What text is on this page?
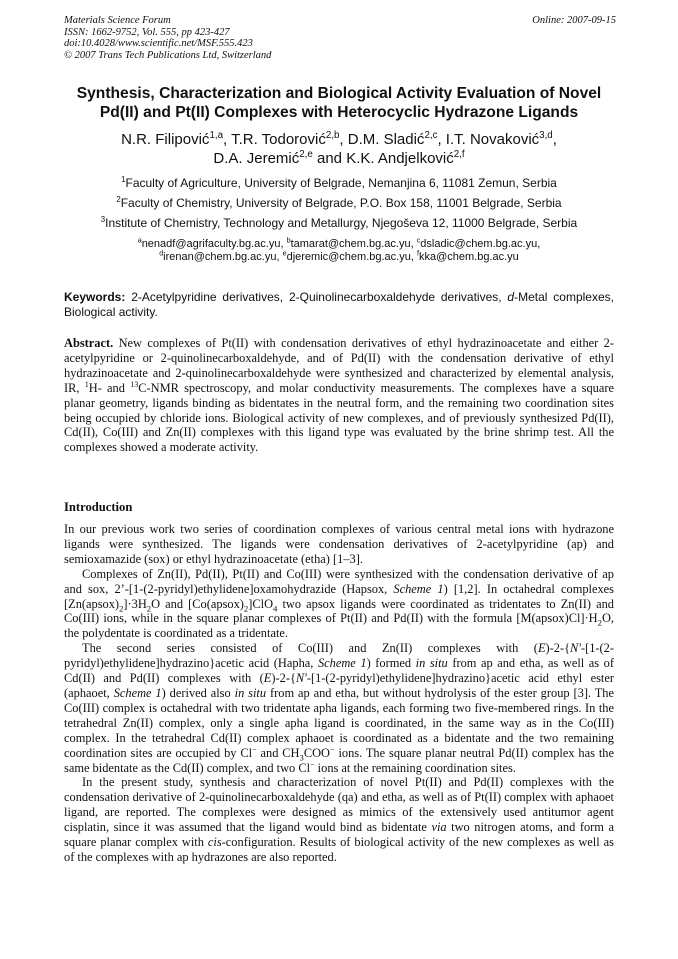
Materials Science Forum
ISSN: 1662-9752, Vol. 555, pp 423-427
doi:10.4028/www.scientific.net/MSF.555.423
© 2007 Trans Tech Publications Ltd, Switzerland
Online: 2007-09-15
Synthesis, Characterization and Biological Activity Evaluation of Novel
Pd(II) and Pt(II) Complexes with Heterocyclic Hydrazone Ligands
N.R. Filipović$^{1,a}$, T.R. Todorović$^{2,b}$, D.M. Sladić$^{2,c}$, I.T. Novaković$^{3,d}$,
D.A. Jeremić$^{2,e}$ and K.K. Andjelković$^{2,f}$
$^1$Faculty of Agriculture, University of Belgrade, Nemanjina 6, 11081 Zemun, Serbia
$^2$Faculty of Chemistry, University of Belgrade, P.O. Box 158, 11001 Belgrade, Serbia
$^3$Institute of Chemistry, Technology and Metallurgy, Njegoševa 12, 11000 Belgrade, Serbia
$^a$nenadf@agrifaculty.bg.ac.yu, $^b$tamarat@chem.bg.ac.yu, $^c$dsladic@chem.bg.ac.yu,
$^d$irenan@chem.bg.ac.yu, $^e$djeremic@chem.bg.ac.yu, $^f$kka@chem.bg.ac.yu
Keywords: 2-Acetylpyridine derivatives, 2-Quinolinecarboxaldehyde derivatives, d-Metal complexes, Biological activity.
Abstract. New complexes of Pt(II) with condensation derivatives of ethyl hydrazinoacetate and either 2-acetylpyridine or 2-quinolinecarboxaldehyde, and of Pd(II) with the condensation derivative of ethyl hydrazinoacetate and 2-quinolinecarboxaldehyde were synthesized and characterized by elemental analysis, IR, $^1$H- and $^{13}$C-NMR spectroscopy, and molar conductivity measurements. The complexes have a square planar geometry, ligands binding as bidentates in the neutral form, and the remaining two coordination sites being occupied by chloride ions. Biological activity of new complexes, and of previously synthesized Pd(II), Cd(II), Co(III) and Zn(II) complexes with this ligand type was evaluated by the brine shrimp test. All the complexes showed a moderate activity.
Introduction

In our previous work two series of coordination complexes of various central metal ions with hydrazone ligands were synthesized. The ligands were condensation derivatives of 2-acetylpyridine (ap) and semioxamazide (sox) or ethyl hydrazinoacetate (etha) [1–3].

Complexes of Zn(II), Pd(II), Pt(II) and Co(III) were synthesized with the condensation derivative of ap and sox, 2’-[1-(2-pyridyl)ethylidene]oxamohydrazide (Hapsox, Scheme 1) [1,2]. In octahedral complexes $[Zn(apsox)_2]\cdot 3H_2O$ and $[Co(apsox)_2]ClO_4$ two apsox ligands were coordinated as tridentates to Zn(II) and Co(III) ions, while in the square planar complexes of Pt(II) and Pd(II) with the formula $[M(apsox)Cl]\cdot H_2O$, the polydentate is coordinated as a tridentate.

The second series consisted of Co(III) and Zn(II) complexes with (E)-2-{N'-[1-(2-pyridyl)ethylidene]hydrazino}acetic acid (Hapha, Scheme 1) formed in situ from ap and etha, as well as of Cd(II) and Pd(II) complexes with (E)-2-{N'-[1-(2-pyridyl)ethylidene]hydrazino}acetic acid ethyl ester (aphaoet, Scheme 1) derived also in situ from ap and etha, but without hydrolysis of the ester group [3]. The Co(III) complex is octahedral with two tridentate apha ligands, each forming two five-membered rings. In the tetrahedral Zn(II) complex, only a single apha ligand is coordinated, in the same way as in the Co(III) complex. In the tetrahedral Cd(II) complex aphaoet is coordinated as a bidentate and the two remaining coordination sites are occupied by Cl− and $CH_3COO^-$ ions. The square planar neutral Pd(II) complex has the same bidentate as the Cd(II) complex, and two Cl− ions at the remaining coordination sites.

In the present study, synthesis and characterization of novel Pt(II) and Pd(II) complexes with the condensation derivative of 2-quinolinecarboxaldehyde (qa) and etha, as well as of Pt(II) complex with aphaoet ligand, are reported. The complexes were designed as mimics of the extensively used antitumor agent cisplatin, since it was assumed that the ligand would bind as bidentate via two nitrogen atoms, and form a square planar complex with cis-configuration. Results of biological activity of the new complexes as well as of the complexes with ap hydrazones are also reported.
